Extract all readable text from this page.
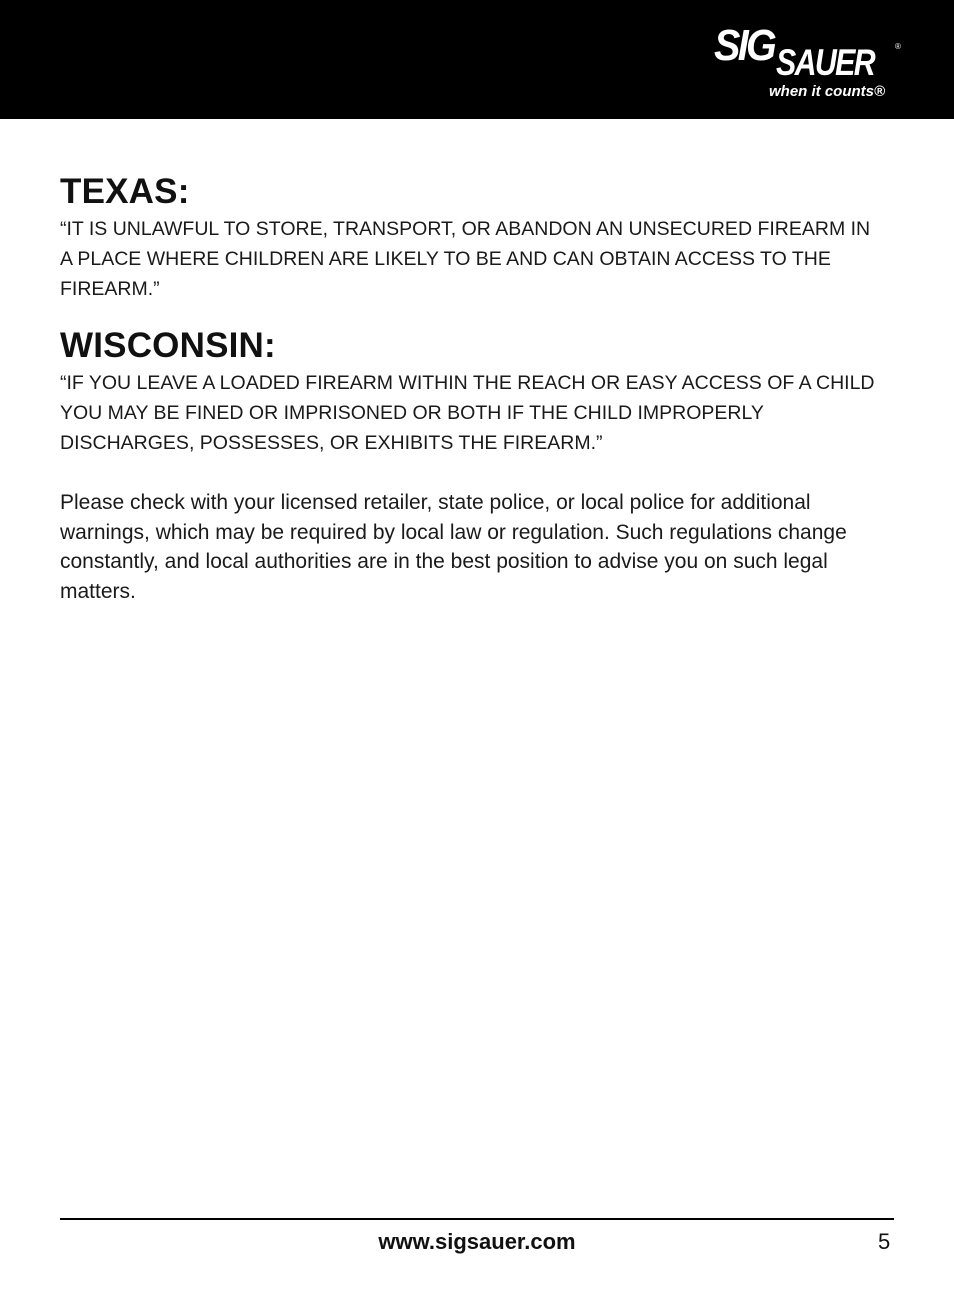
SIG SAUER	®
when it counts®
TEXAS:

“IT IS UNLAWFUL TO STORE, TRANSPORT, OR ABANDON AN UNSECURED FIREARM IN A PLACE WHERE CHILDREN ARE LIKELY TO BE AND CAN OBTAIN ACCESS TO THE FIREARM.”

WISCONSIN:

“IF YOU LEAVE A LOADED FIREARM WITHIN THE REACH OR EASY ACCESS OF A CHILD YOU MAY BE FINED OR IMPRISONED OR BOTH IF THE CHILD IMPROPERLY DISCHARGES, POSSESSES, OR EXHIBITS THE FIREARM.”

Please check with your licensed retailer, state police, or local police for additional warnings, which may be required by local law or regulation. Such regulations change constantly, and local authorities are in the best position to advise you on such legal matters.

www.sigsauer.com	5
